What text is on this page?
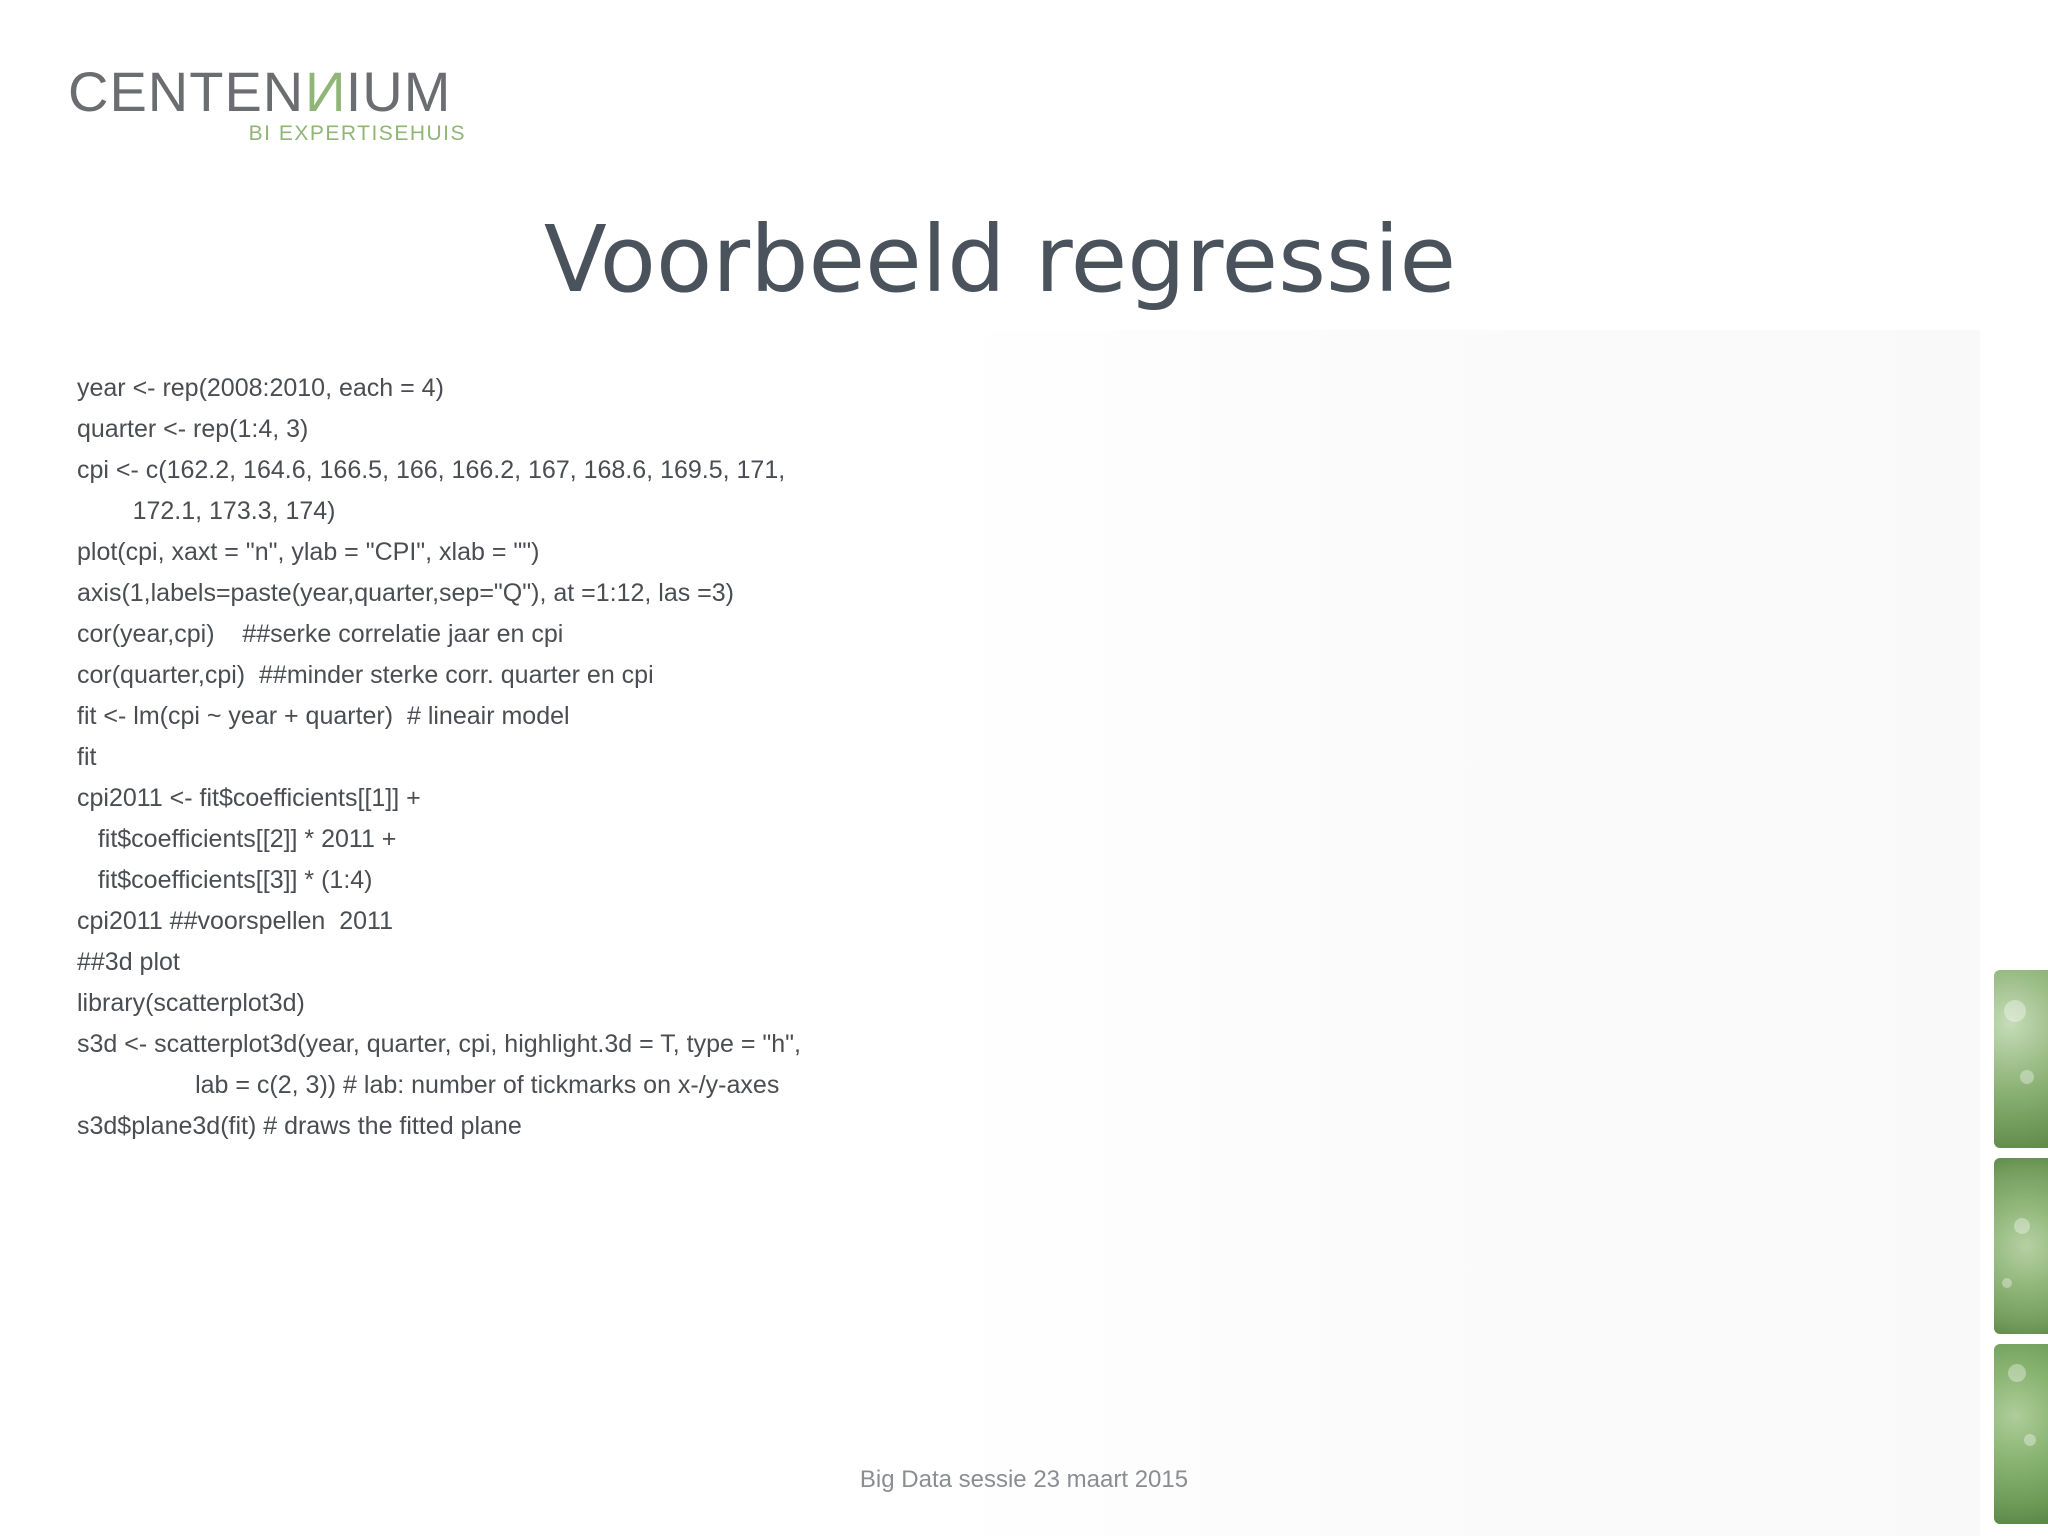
CENTENNIUM
BI EXPERTISEHUIS
Voorbeeld regressie
year <- rep(2008:2010, each = 4)
quarter <- rep(1:4, 3)
cpi <- c(162.2, 164.6, 166.5, 166, 166.2, 167, 168.6, 169.5, 171,
172.1, 173.3, 174)
plot(cpi, xaxt = "n", ylab = "CPI", xlab = "")
axis(1,labels=paste(year,quarter,sep="Q"), at =1:12, las =3)
cor(year,cpi)    ##serke correlatie jaar en cpi
cor(quarter,cpi)  ##minder sterke corr. quarter en cpi
fit <- lm(cpi ~ year + quarter)  # lineair model
fit
cpi2011 <- fit$coefficients[[1]] +
fit$coefficients[[2]] * 2011 +
fit$coefficients[[3]] * (1:4)
cpi2011 ##voorspellen  2011
##3d plot
library(scatterplot3d)
s3d <- scatterplot3d(year, quarter, cpi, highlight.3d = T, type = "h",
lab = c(2, 3)) # lab: number of tickmarks on x-/y-axes
s3d$plane3d(fit) # draws the fitted plane
Big Data sessie 23 maart 2015
